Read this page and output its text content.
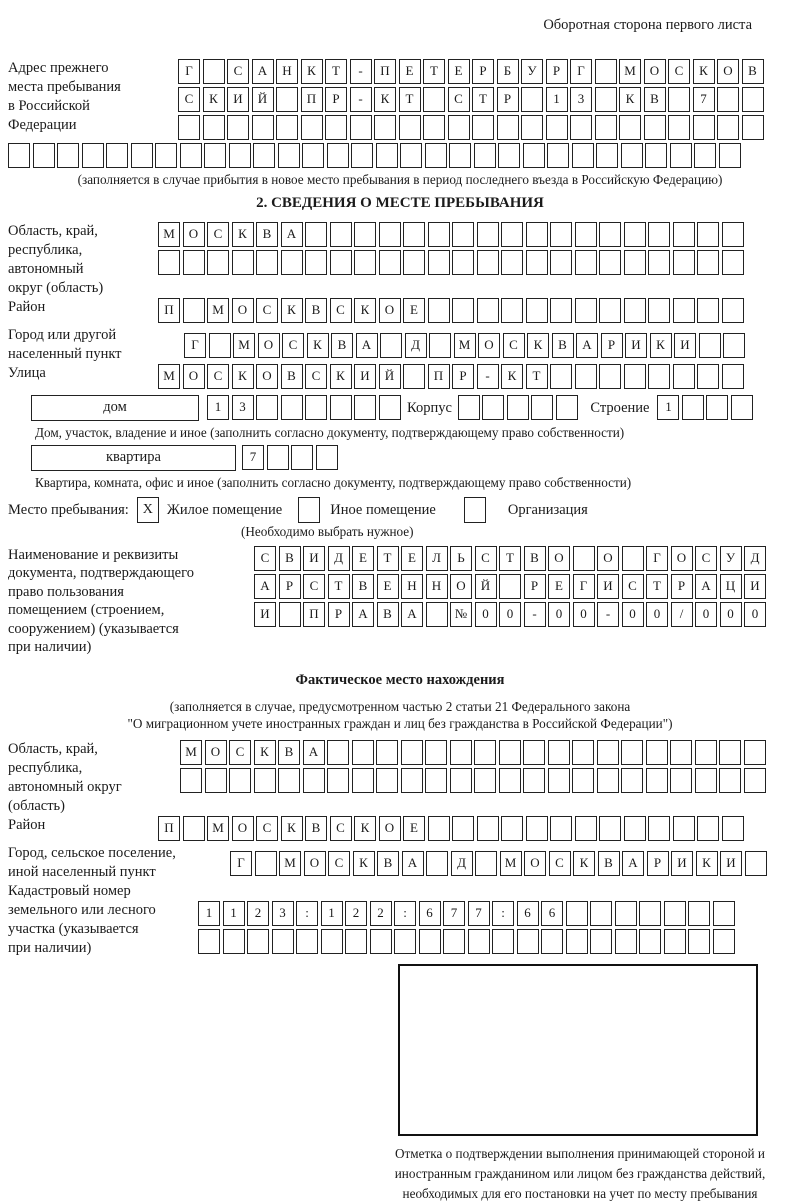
Оборотная сторона первого листа
Адрес прежнего
места пребывания
в Российской
Федерации
Г	С	А	Н	К	Т	-	П	Е	Т	Е	Р	Б	У	Р	Г	М	О	С	К	О	В
С	К	И	Й	П	Р	-	К	Т	С	Т	Р	1	3	К	В	7
(заполняется в случае прибытия в новое место пребывания в период последнего въезда в Российскую Федерацию)
2. СВЕДЕНИЯ О МЕСТЕ ПРЕБЫВАНИЯ
Область, край,
республика,
автономный
округ (область)
М	О	С	К	В	А
Район	П	М	О	С	К	В	С	К	О	Е
Город или другой
населенный пункт
Г	М	О	С	К	В	А	Д	М	О	С	К	В	А	Р	И	К	И
Улица	М	О	С	К	О	В	С	К	И	Й	П	Р	-	К	Т
дом	1	3	Корпус	Строение	1
Дом, участок, владение и иное (заполнить согласно документу, подтверждающему право собственности)
квартира	7
Квартира, комната, офис и иное (заполнить согласно документу, подтверждающему право собственности)
Место пребывания: X Жилое помещение	Иное помещение	Организация
(Необходимо выбрать нужное)
Наименование и реквизиты
документа, подтверждающего
право пользования
помещением (строением,
сооружением) (указывается
при наличии)
С	В	И	Д	Е	Т	Е	Л	Ь	С	Т	В	О	О	Г	О	С	У	Д
А	Р	С	Т	В	Е	Н	Н	О	Й	Р	Е	Г	И	С	Т	Р	А	Ц	И
И	П	Р	А	В	А	№	0	0	-	0	0	-	0	0	/	0	0	0
Фактическое место нахождения
(заполняется в случае, предусмотренном частью 2 статьи 21 Федерального закона
"О миграционном учете иностранных граждан и лиц без гражданства в Российской Федерации")
Область, край,
республика,
автономный округ
(область)
М	О	С	К	В	А
Район	П	М	О	С	К	В	С	К	О	Е
Город, сельское поселение,
иной населенный пункт
Г	М	О	С	К	В	А	Д	М	О	С	К	В	А	Р	И	К	И
Кадастровый номер
земельного или лесного
участка (указывается
при наличии)
1	1	2	3	:	1	2	2	:	6	7	7	:	6	6
Отметка о подтверждении выполнения принимающей стороной и иностранным гражданином или лицом без гражданства действий, необходимых для его постановки на учет по месту пребывания
